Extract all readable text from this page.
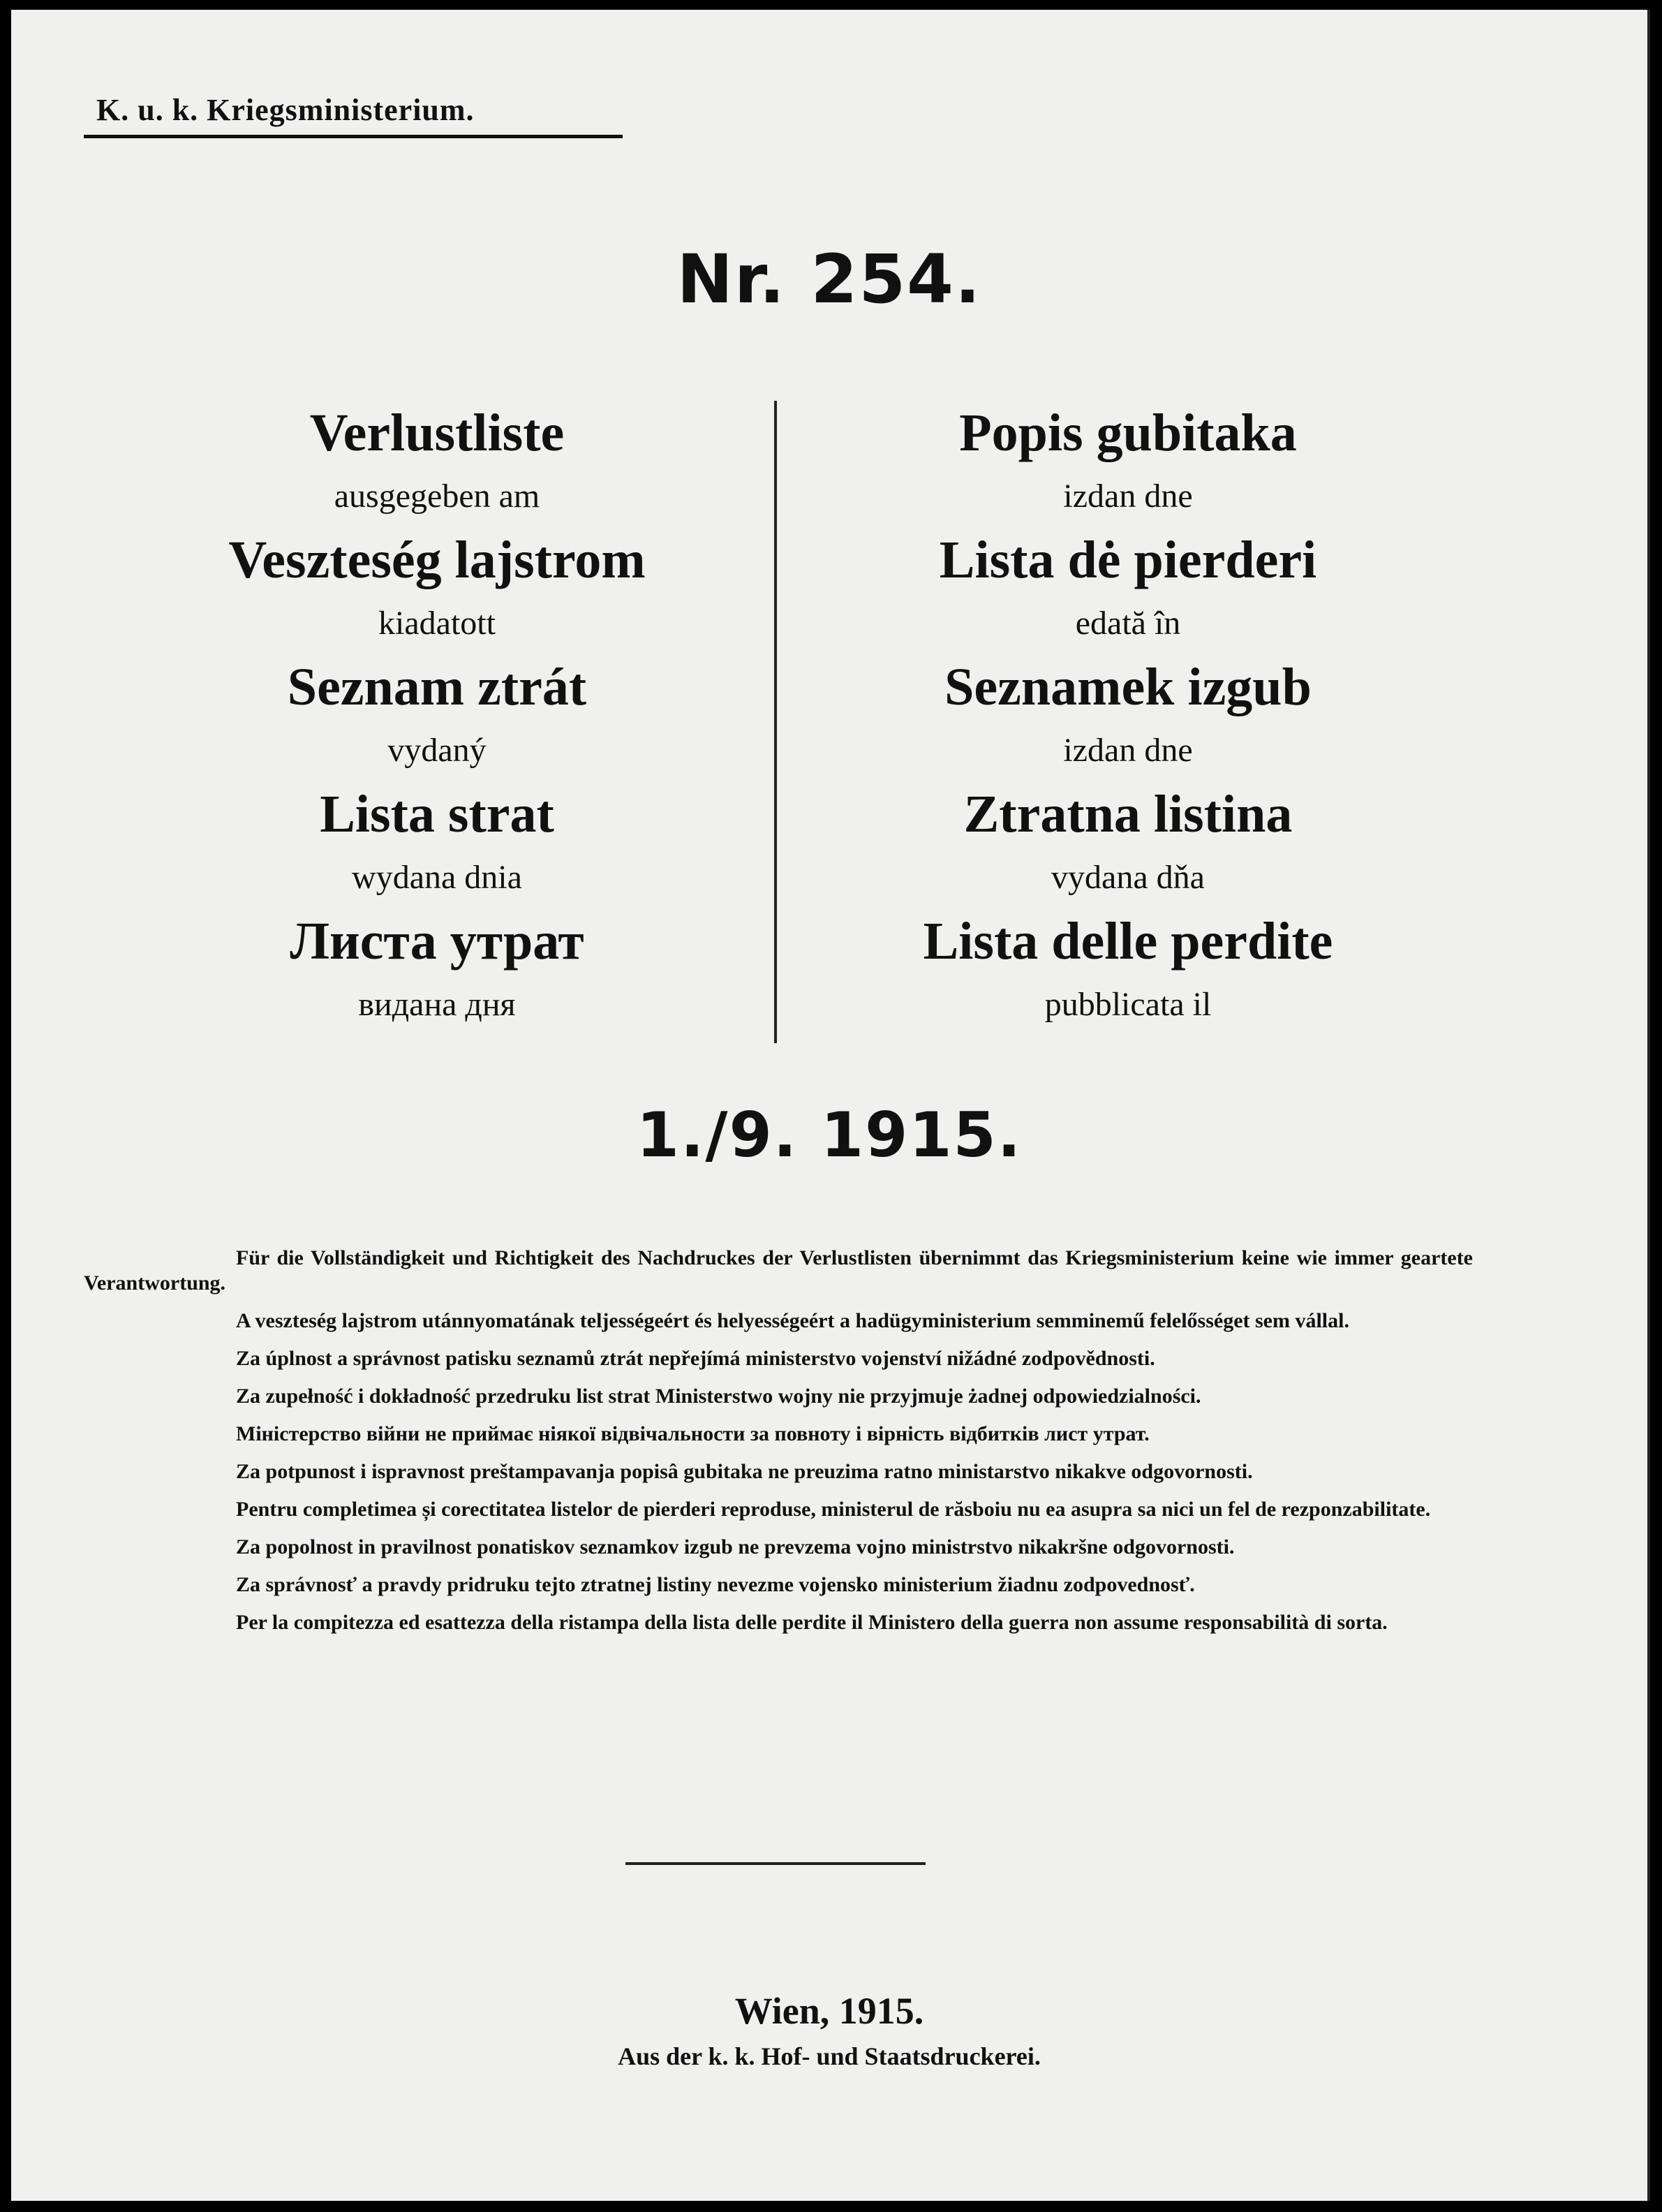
K. u. k. Kriegsministerium.
Nr. 254.

Verlustliste

ausgegeben am

Veszteség lajstrom

kiadatott

Seznam ztrát

vydaný

Lista strat

wydana dnia

Листа утрат

видана дня

Popis gubitaka

izdan dne

Lista dė pierderi

edată în

Seznamek izgub

izdan dne

Ztratna listina

vydana dňa

Lista delle perdite

pubblicata il

1./9. 1915.

Für die Vollständigkeit und Richtigkeit des Nachdruckes der Verlustlisten übernimmt das Kriegsministerium keine wie immer geartete Verantwortung.

A veszteség lajstrom utánnyomatának teljességeért és helyességeért a hadügyministerium semminemű felelősséget sem vállal.

Za úplnost a správnost patisku seznamů ztrát nepřejímá ministerstvo vojenství nižádné zodpovědnosti.

Za zupełność i dokładność przedruku list strat Ministerstwo wojny nie przyjmuje żadnej odpowiedzialności.

Міністерство війни не приймає ніякої відвічальности за повноту і вірність відбитків лист утрат.

Za potpunost i ispravnost preštampavanja popisâ gubitaka ne preuzima ratno ministarstvo nikakve odgovornosti.

Pentru completimea și corectitatea listelor de pierderi reproduse, ministerul de răsboiu nu ea asupra sa nici un fel de rezponzabilitate.

Za popolnost in pravilnost ponatiskov seznamkov izgub ne prevzema vojno ministrstvo nikakršne odgovornosti.

Za správnosť a pravdy pridruku tejto ztratnej listiny nevezme vojensko ministerium žiadnu zodpovednosť.

Per la compitezza ed esattezza della ristampa della lista delle perdite il Ministero della guerra non assume responsabilità di sorta.

Wien, 1915.
Aus der k. k. Hof- und Staatsdruckerei.
